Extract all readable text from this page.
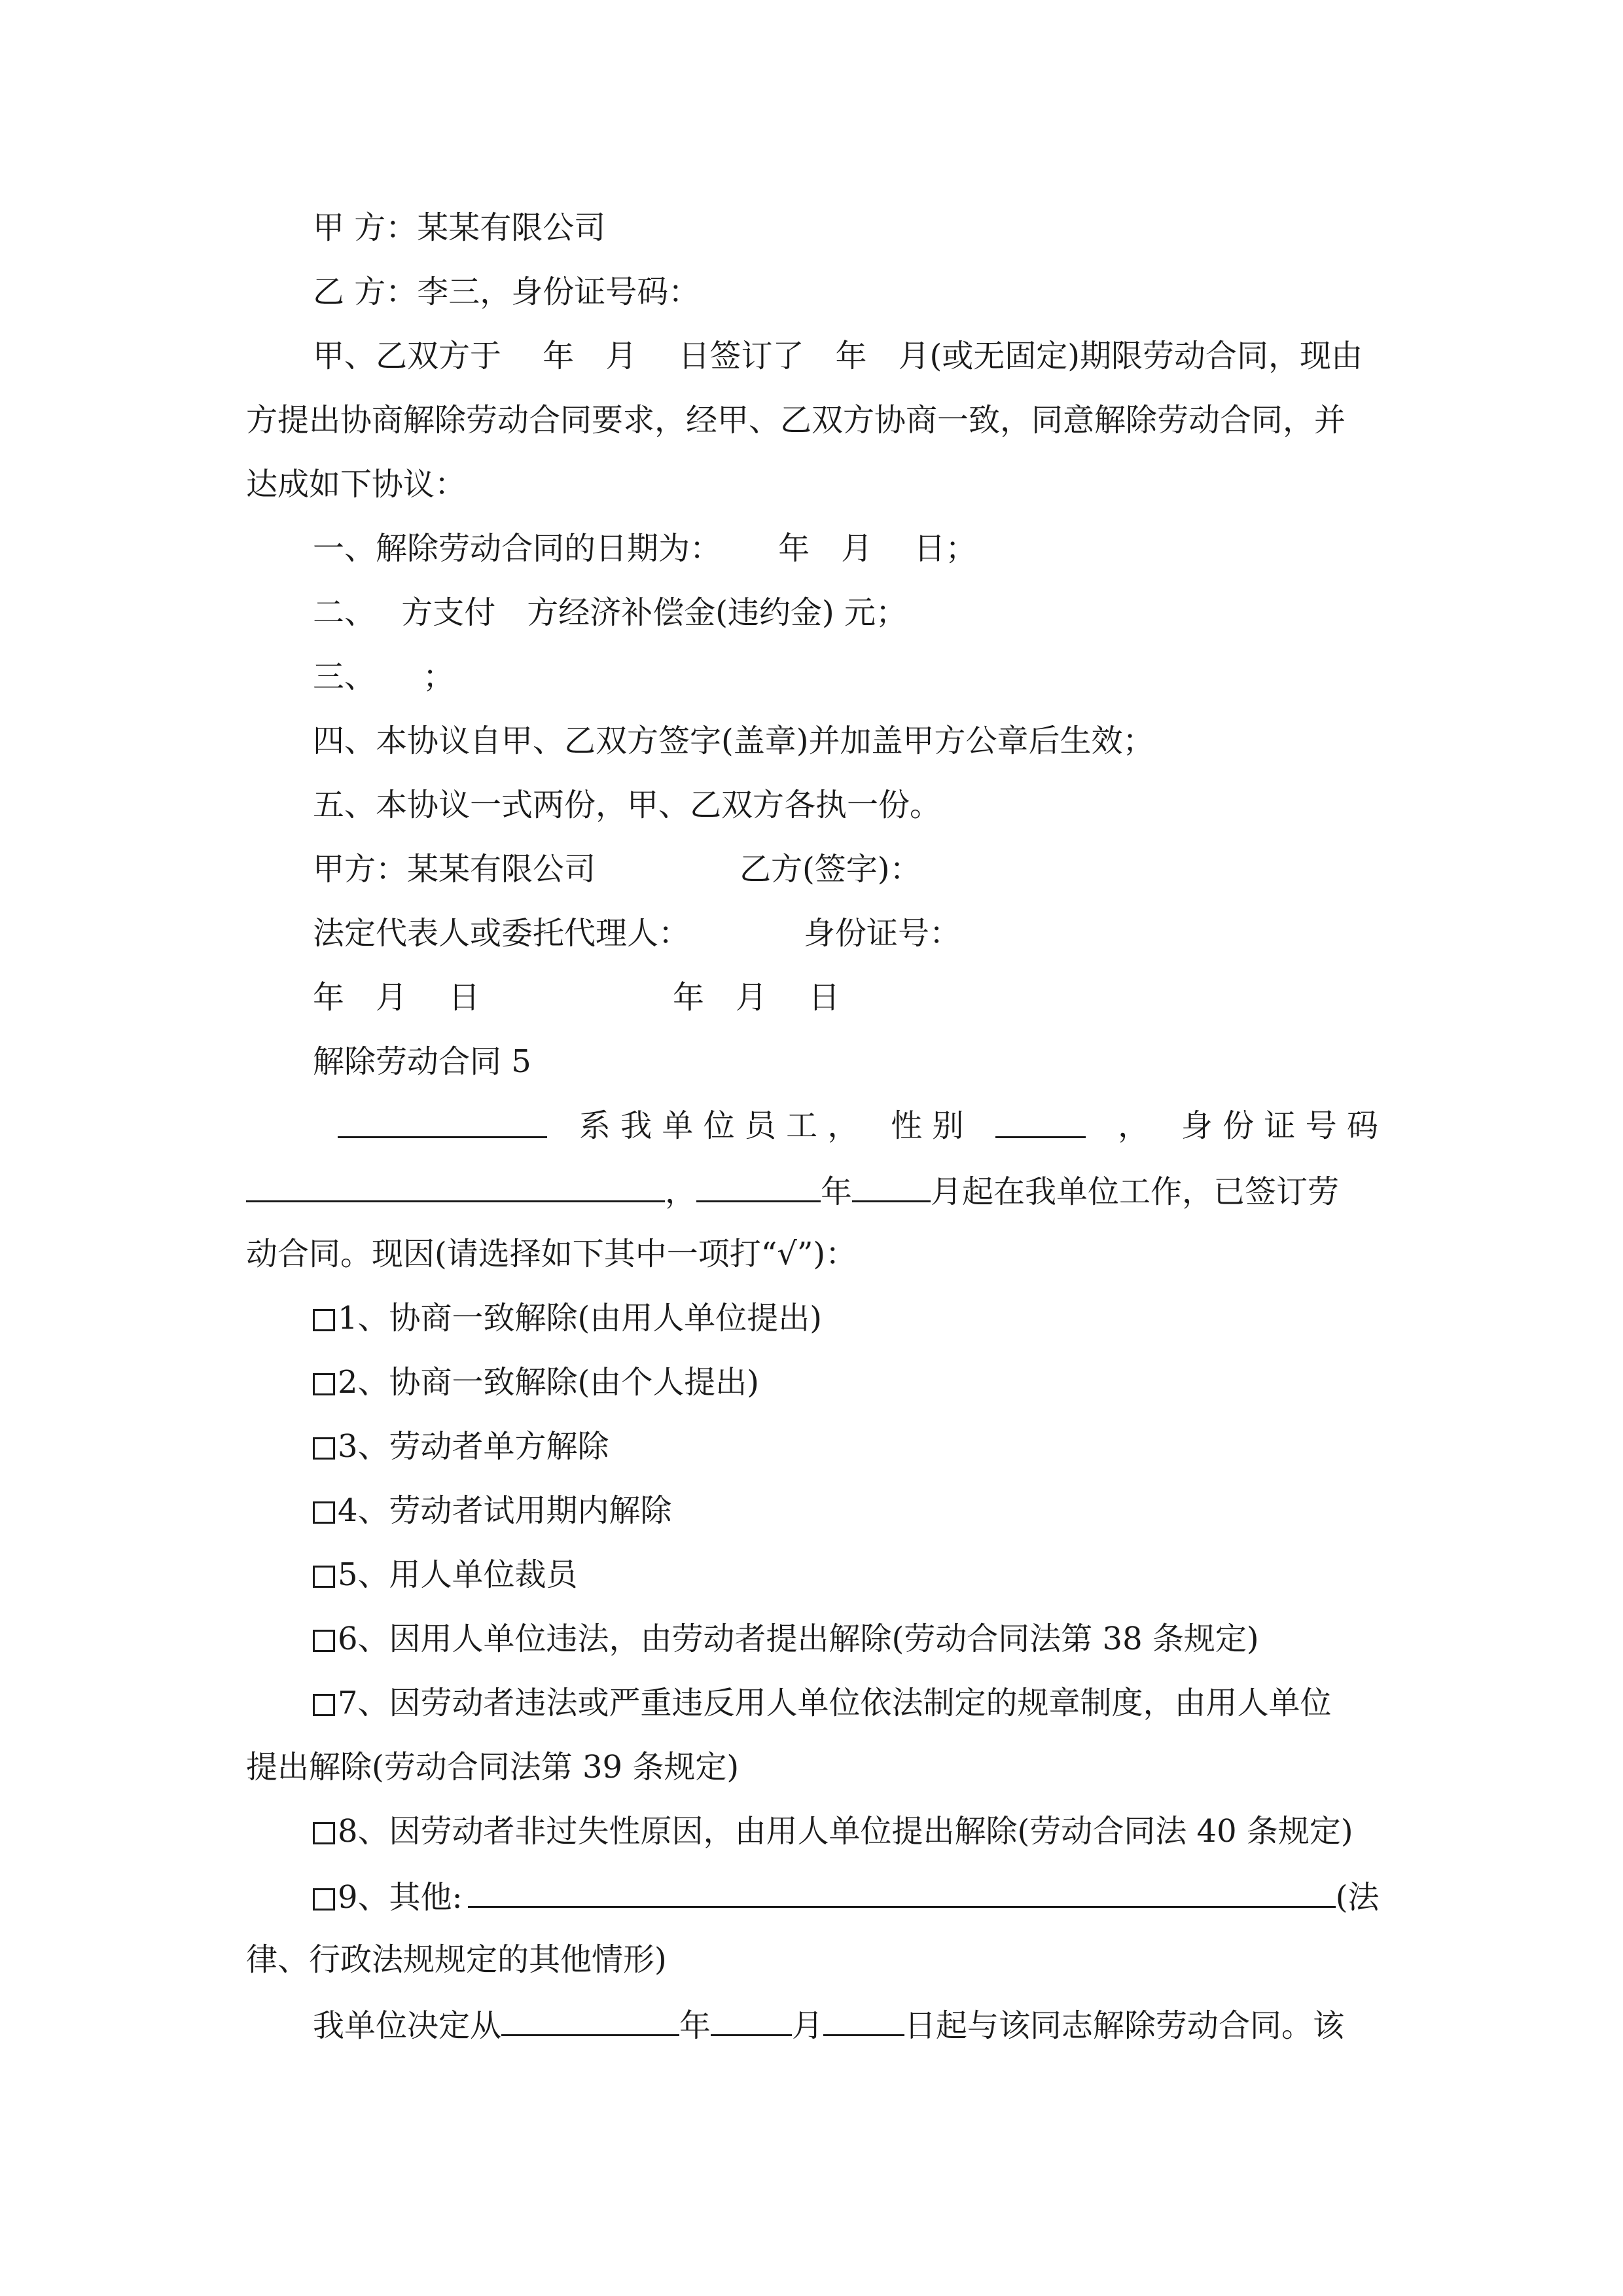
甲 方：某某有限公司
乙 方：李三，身份证号码：
甲、乙双方于　 年　月　 日签订了　年　月(或无固定)期限劳动合同，现由
方提出协商解除劳动合同要求，经甲、乙双方协商一致，同意解除劳动合同，并
达成如下协议：
一、解除劳动合同的日期为：　　 年　月　 日；
二、　 方支付　方经济补偿金(违约金) 元；
三、　　；
四、本协议自甲、乙双方签字(盖章)并加盖甲方公章后生效；
五、本协议一式两份，甲、乙双方各执一份。
甲方：某某有限公司	乙方(签字)：
法定代表人或委托代理人：	身份证号：
年　月　 日	年　月　 日
解除劳动合同 5
系 我 单 位 员 工 ， 性 别	， 身 份 证 号 码
，	年	月起在我单位工作，已签订劳
动合同。现因(请选择如下其中一项打“√”)：
1、协商一致解除(由用人单位提出)
2、协商一致解除(由个人提出)
3、劳动者单方解除
4、劳动者试用期内解除
5、用人单位裁员
6、因用人单位违法，由劳动者提出解除(劳动合同法第 38 条规定)
7、因劳动者违法或严重违反用人单位依法制定的规章制度，由用人单位
提出解除(劳动合同法第 39 条规定)
8、因劳动者非过失性原因，由用人单位提出解除(劳动合同法 40 条规定)
9、其他:	(法
律、行政法规规定的其他情形)
我单位决定从	年	月	日起与该同志解除劳动合同。该
